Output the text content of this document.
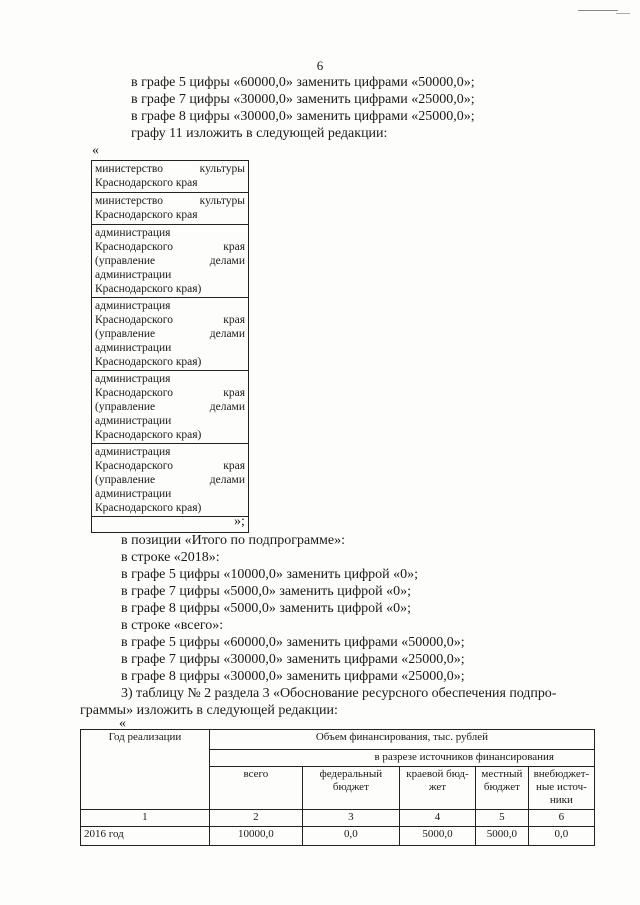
6
в графе 5 цифры «60000,0» заменить цифрами «50000,0»;
в графе 7 цифры «30000,0» заменить цифрами «25000,0»;
в графе 8 цифры «30000,0» заменить цифрами «25000,0»;
графу 11 изложить в следующей редакции:
«
министерство культуры Краснодарского края
министерство культуры Краснодарского края
администрация Краснодарского края (управление делами администрации Краснодарского края)
администрация Краснодарского края (управление делами администрации Краснодарского края)
администрация Краснодарского края (управление делами администрации Краснодарского края)
администрация Краснодарского края (управление делами администрации Краснодарского края)

»;
в позиции «Итого по подпрограмме»:
в строке «2018»:
в графе 5 цифры «10000,0» заменить цифрой «0»;
в графе 7 цифры «5000,0» заменить цифрой «0»;
в графе 8 цифры «5000,0» заменить цифрой «0»;
в строке «всего»:
в графе 5 цифры «60000,0» заменить цифрами «50000,0»;
в графе 7 цифры «30000,0» заменить цифрами «25000,0»;
в графе 8 цифры «30000,0» заменить цифрами «25000,0»;
3) таблицу № 2 раздела 3 «Обоснование ресурсного обеспечения подпро-
граммы» изложить в следующей редакции:
«
Год реализации	Объем финансирования, тыс. рублей				
	в разрезе источников финансирования				
	всего	федеральный бюджет	краевой бюд-жет	местный бюджет	внебюджет-ные источ-ники
1	2	3	4	5	6
2016 год	10000,0	0,0	5000,0	5000,0	0,0
